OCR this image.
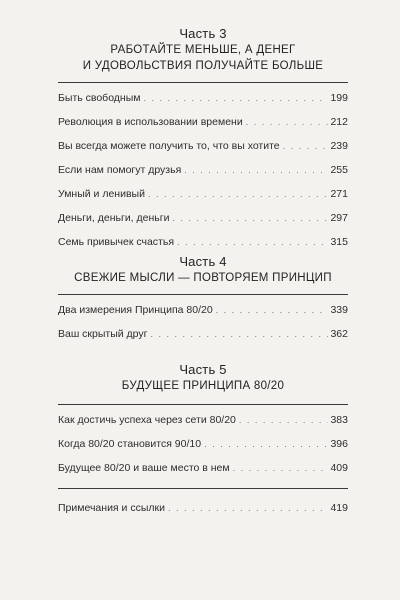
Часть 3
РАБОТАЙТЕ МЕНЬШЕ, А ДЕНЕГ
И УДОВОЛЬСТВИЯ ПОЛУЧАЙТЕ БОЛЬШЕ
Быть свободным . . .	199
Революция в использовании времени . . .	212
Вы всегда можете получить то, что вы хотите . . .	239
Если нам помогут друзья . . .	255
Умный и ленивый . . .	271
Деньги, деньги, деньги . . .	297
Семь привычек счастья . . .	315
Часть 4
СВЕЖИЕ МЫСЛИ — ПОВТОРЯЕМ ПРИНЦИП
Два измерения Принципа 80/20 . . .	339
Ваш скрытый друг . . .	362
Часть 5
БУДУЩЕЕ ПРИНЦИПА 80/20
Как достичь успеха через сети 80/20 . . .	383
Когда 80/20 становится 90/10 . . .	396
Будущее 80/20 и ваше место в нем . . .	409
Примечания и ссылки . . .	419
